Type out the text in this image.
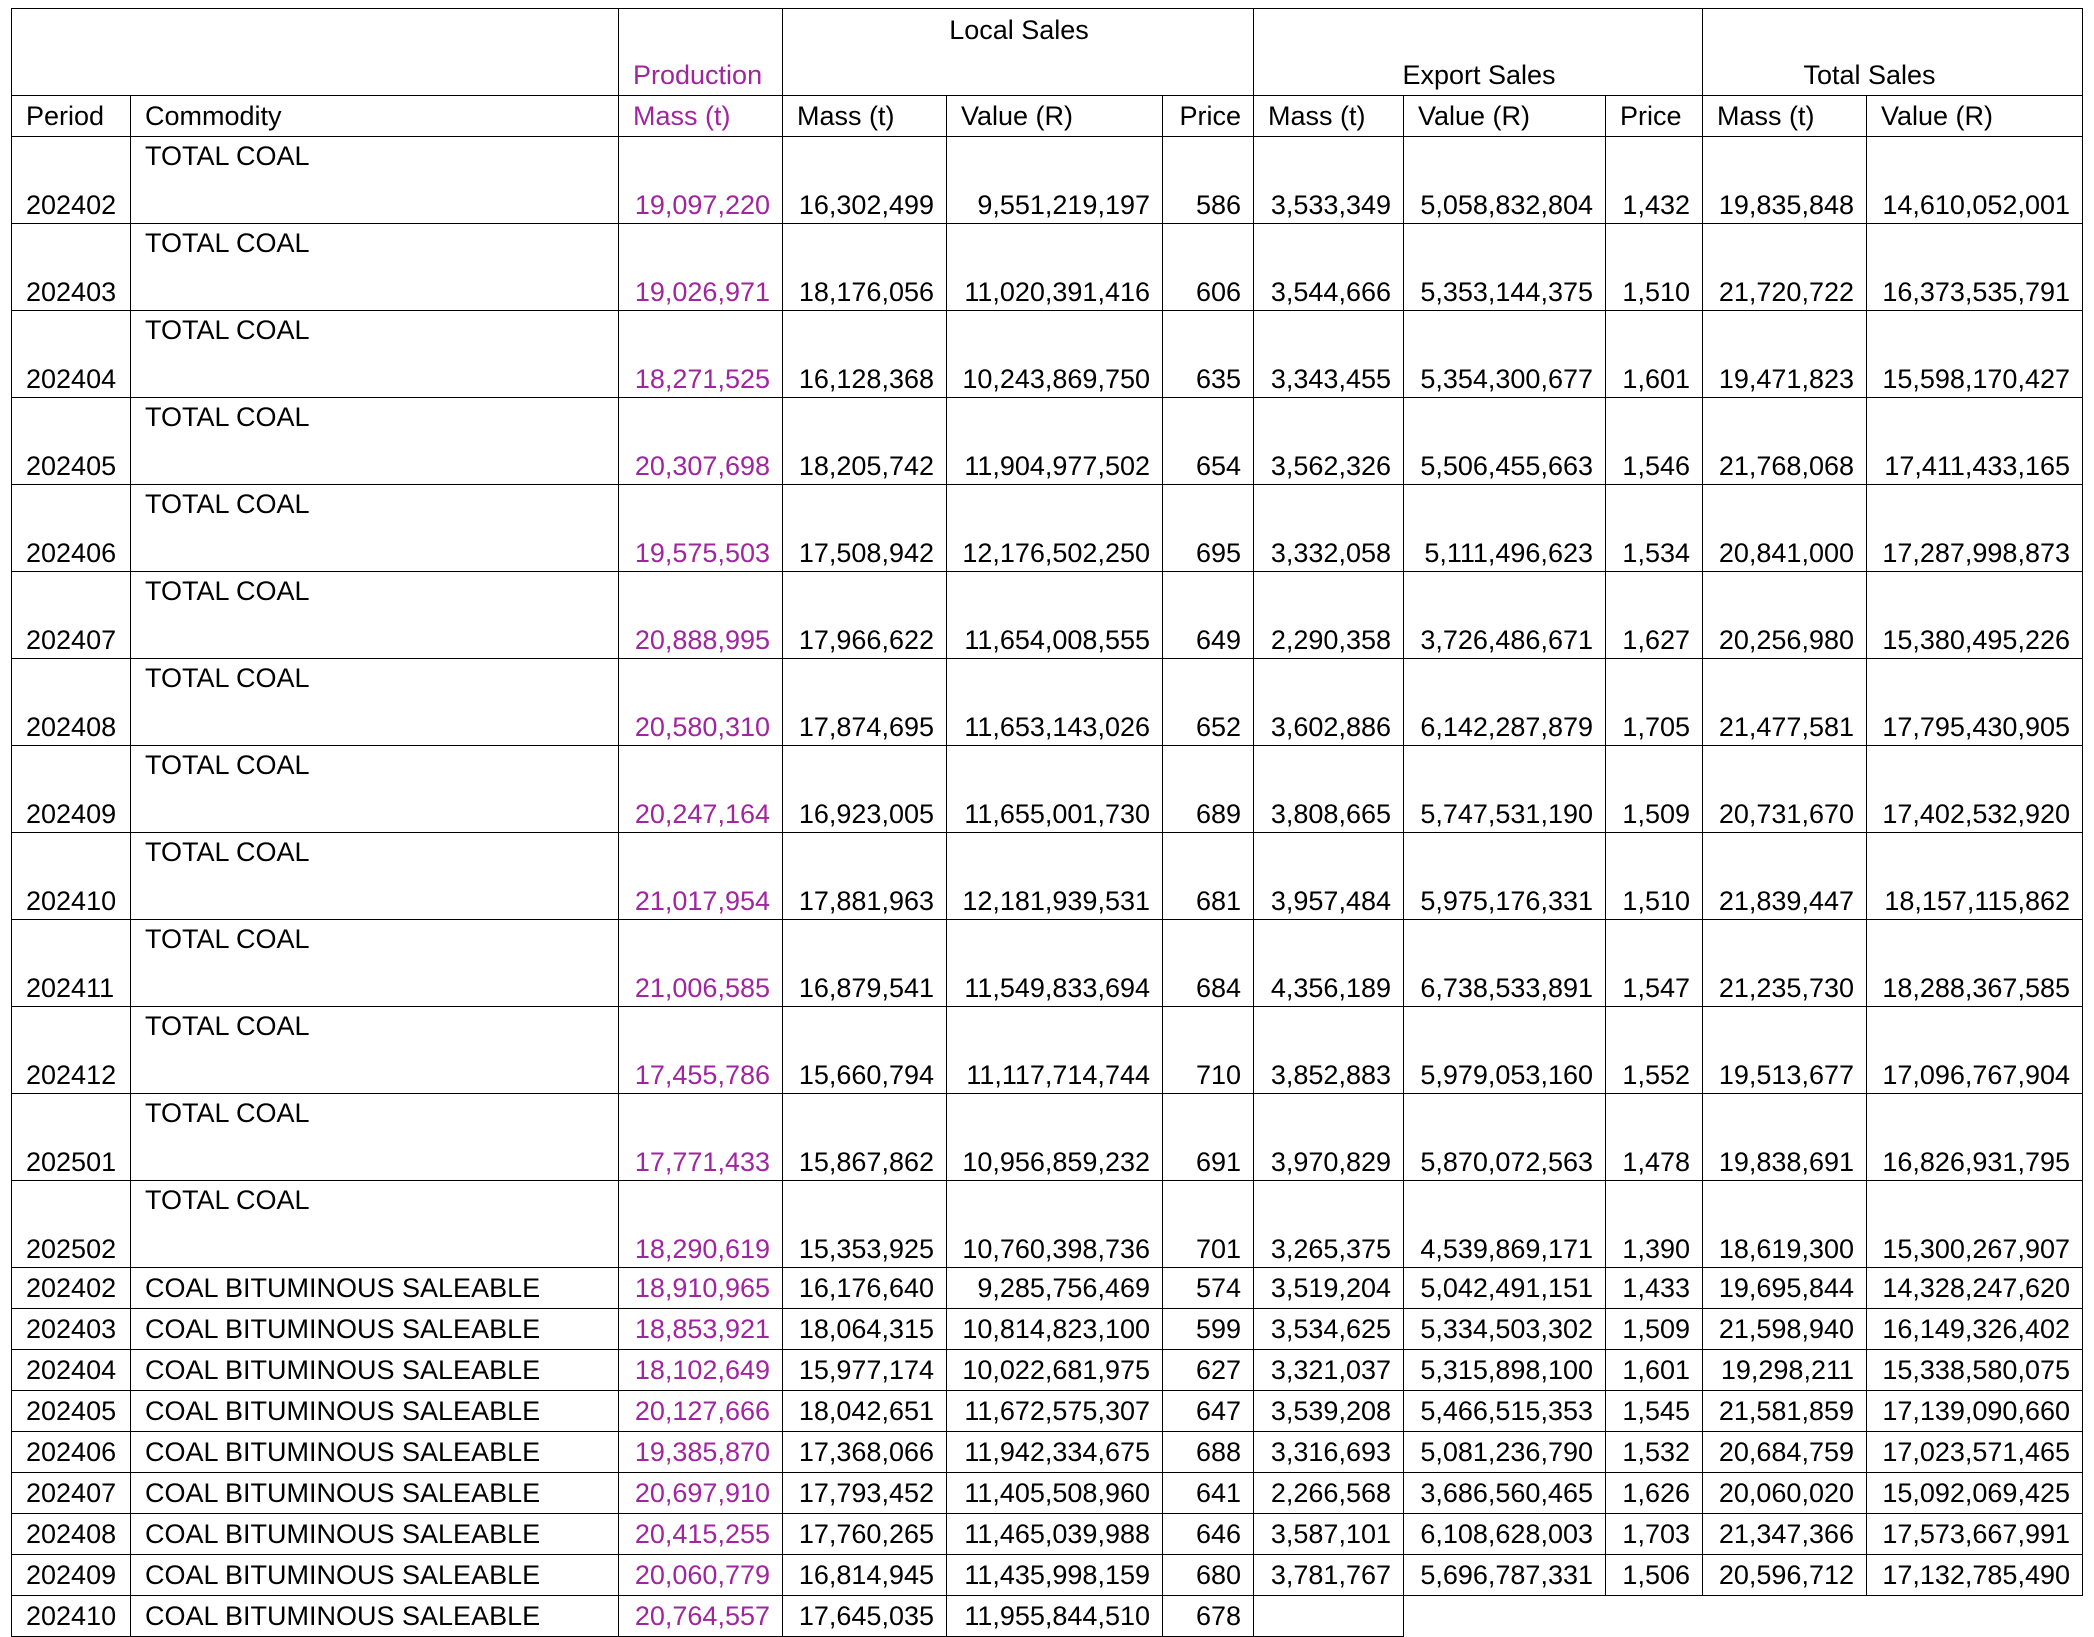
		Production	Local Sales			Export Sales			Total Sales	
Period	Commodity	Mass (t)	Mass (t)	Value (R)	Price	Mass (t)	Value (R)	Price	Mass (t)	Value (R)
202402	TOTAL COAL	19,097,220	16,302,499	9,551,219,197	586	3,533,349	5,058,832,804	1,432	19,835,848	14,610,052,001
202403	TOTAL COAL	19,026,971	18,176,056	11,020,391,416	606	3,544,666	5,353,144,375	1,510	21,720,722	16,373,535,791
202404	TOTAL COAL	18,271,525	16,128,368	10,243,869,750	635	3,343,455	5,354,300,677	1,601	19,471,823	15,598,170,427
202405	TOTAL COAL	20,307,698	18,205,742	11,904,977,502	654	3,562,326	5,506,455,663	1,546	21,768,068	17,411,433,165
202406	TOTAL COAL	19,575,503	17,508,942	12,176,502,250	695	3,332,058	5,111,496,623	1,534	20,841,000	17,287,998,873
202407	TOTAL COAL	20,888,995	17,966,622	11,654,008,555	649	2,290,358	3,726,486,671	1,627	20,256,980	15,380,495,226
202408	TOTAL COAL	20,580,310	17,874,695	11,653,143,026	652	3,602,886	6,142,287,879	1,705	21,477,581	17,795,430,905
202409	TOTAL COAL	20,247,164	16,923,005	11,655,001,730	689	3,808,665	5,747,531,190	1,509	20,731,670	17,402,532,920
202410	TOTAL COAL	21,017,954	17,881,963	12,181,939,531	681	3,957,484	5,975,176,331	1,510	21,839,447	18,157,115,862
202411	TOTAL COAL	21,006,585	16,879,541	11,549,833,694	684	4,356,189	6,738,533,891	1,547	21,235,730	18,288,367,585
202412	TOTAL COAL	17,455,786	15,660,794	11,117,714,744	710	3,852,883	5,979,053,160	1,552	19,513,677	17,096,767,904
202501	TOTAL COAL	17,771,433	15,867,862	10,956,859,232	691	3,970,829	5,870,072,563	1,478	19,838,691	16,826,931,795
202502	TOTAL COAL	18,290,619	15,353,925	10,760,398,736	701	3,265,375	4,539,869,171	1,390	18,619,300	15,300,267,907
202402	COAL BITUMINOUS SALEABLE	18,910,965	16,176,640	9,285,756,469	574	3,519,204	5,042,491,151	1,433	19,695,844	14,328,247,620
202403	COAL BITUMINOUS SALEABLE	18,853,921	18,064,315	10,814,823,100	599	3,534,625	5,334,503,302	1,509	21,598,940	16,149,326,402
202404	COAL BITUMINOUS SALEABLE	18,102,649	15,977,174	10,022,681,975	627	3,321,037	5,315,898,100	1,601	19,298,211	15,338,580,075
202405	COAL BITUMINOUS SALEABLE	20,127,666	18,042,651	11,672,575,307	647	3,539,208	5,466,515,353	1,545	21,581,859	17,139,090,660
202406	COAL BITUMINOUS SALEABLE	19,385,870	17,368,066	11,942,334,675	688	3,316,693	5,081,236,790	1,532	20,684,759	17,023,571,465
202407	COAL BITUMINOUS SALEABLE	20,697,910	17,793,452	11,405,508,960	641	2,266,568	3,686,560,465	1,626	20,060,020	15,092,069,425
202408	COAL BITUMINOUS SALEABLE	20,415,255	17,760,265	11,465,039,988	646	3,587,101	6,108,628,003	1,703	21,347,366	17,573,667,991
202409	COAL BITUMINOUS SALEABLE	20,060,779	16,814,945	11,435,998,159	680	3,781,767	5,696,787,331	1,506	20,596,712	17,132,785,490
202410	COAL BITUMINOUS SALEABLE	20,764,557	17,645,035	11,955,844,510	678					
